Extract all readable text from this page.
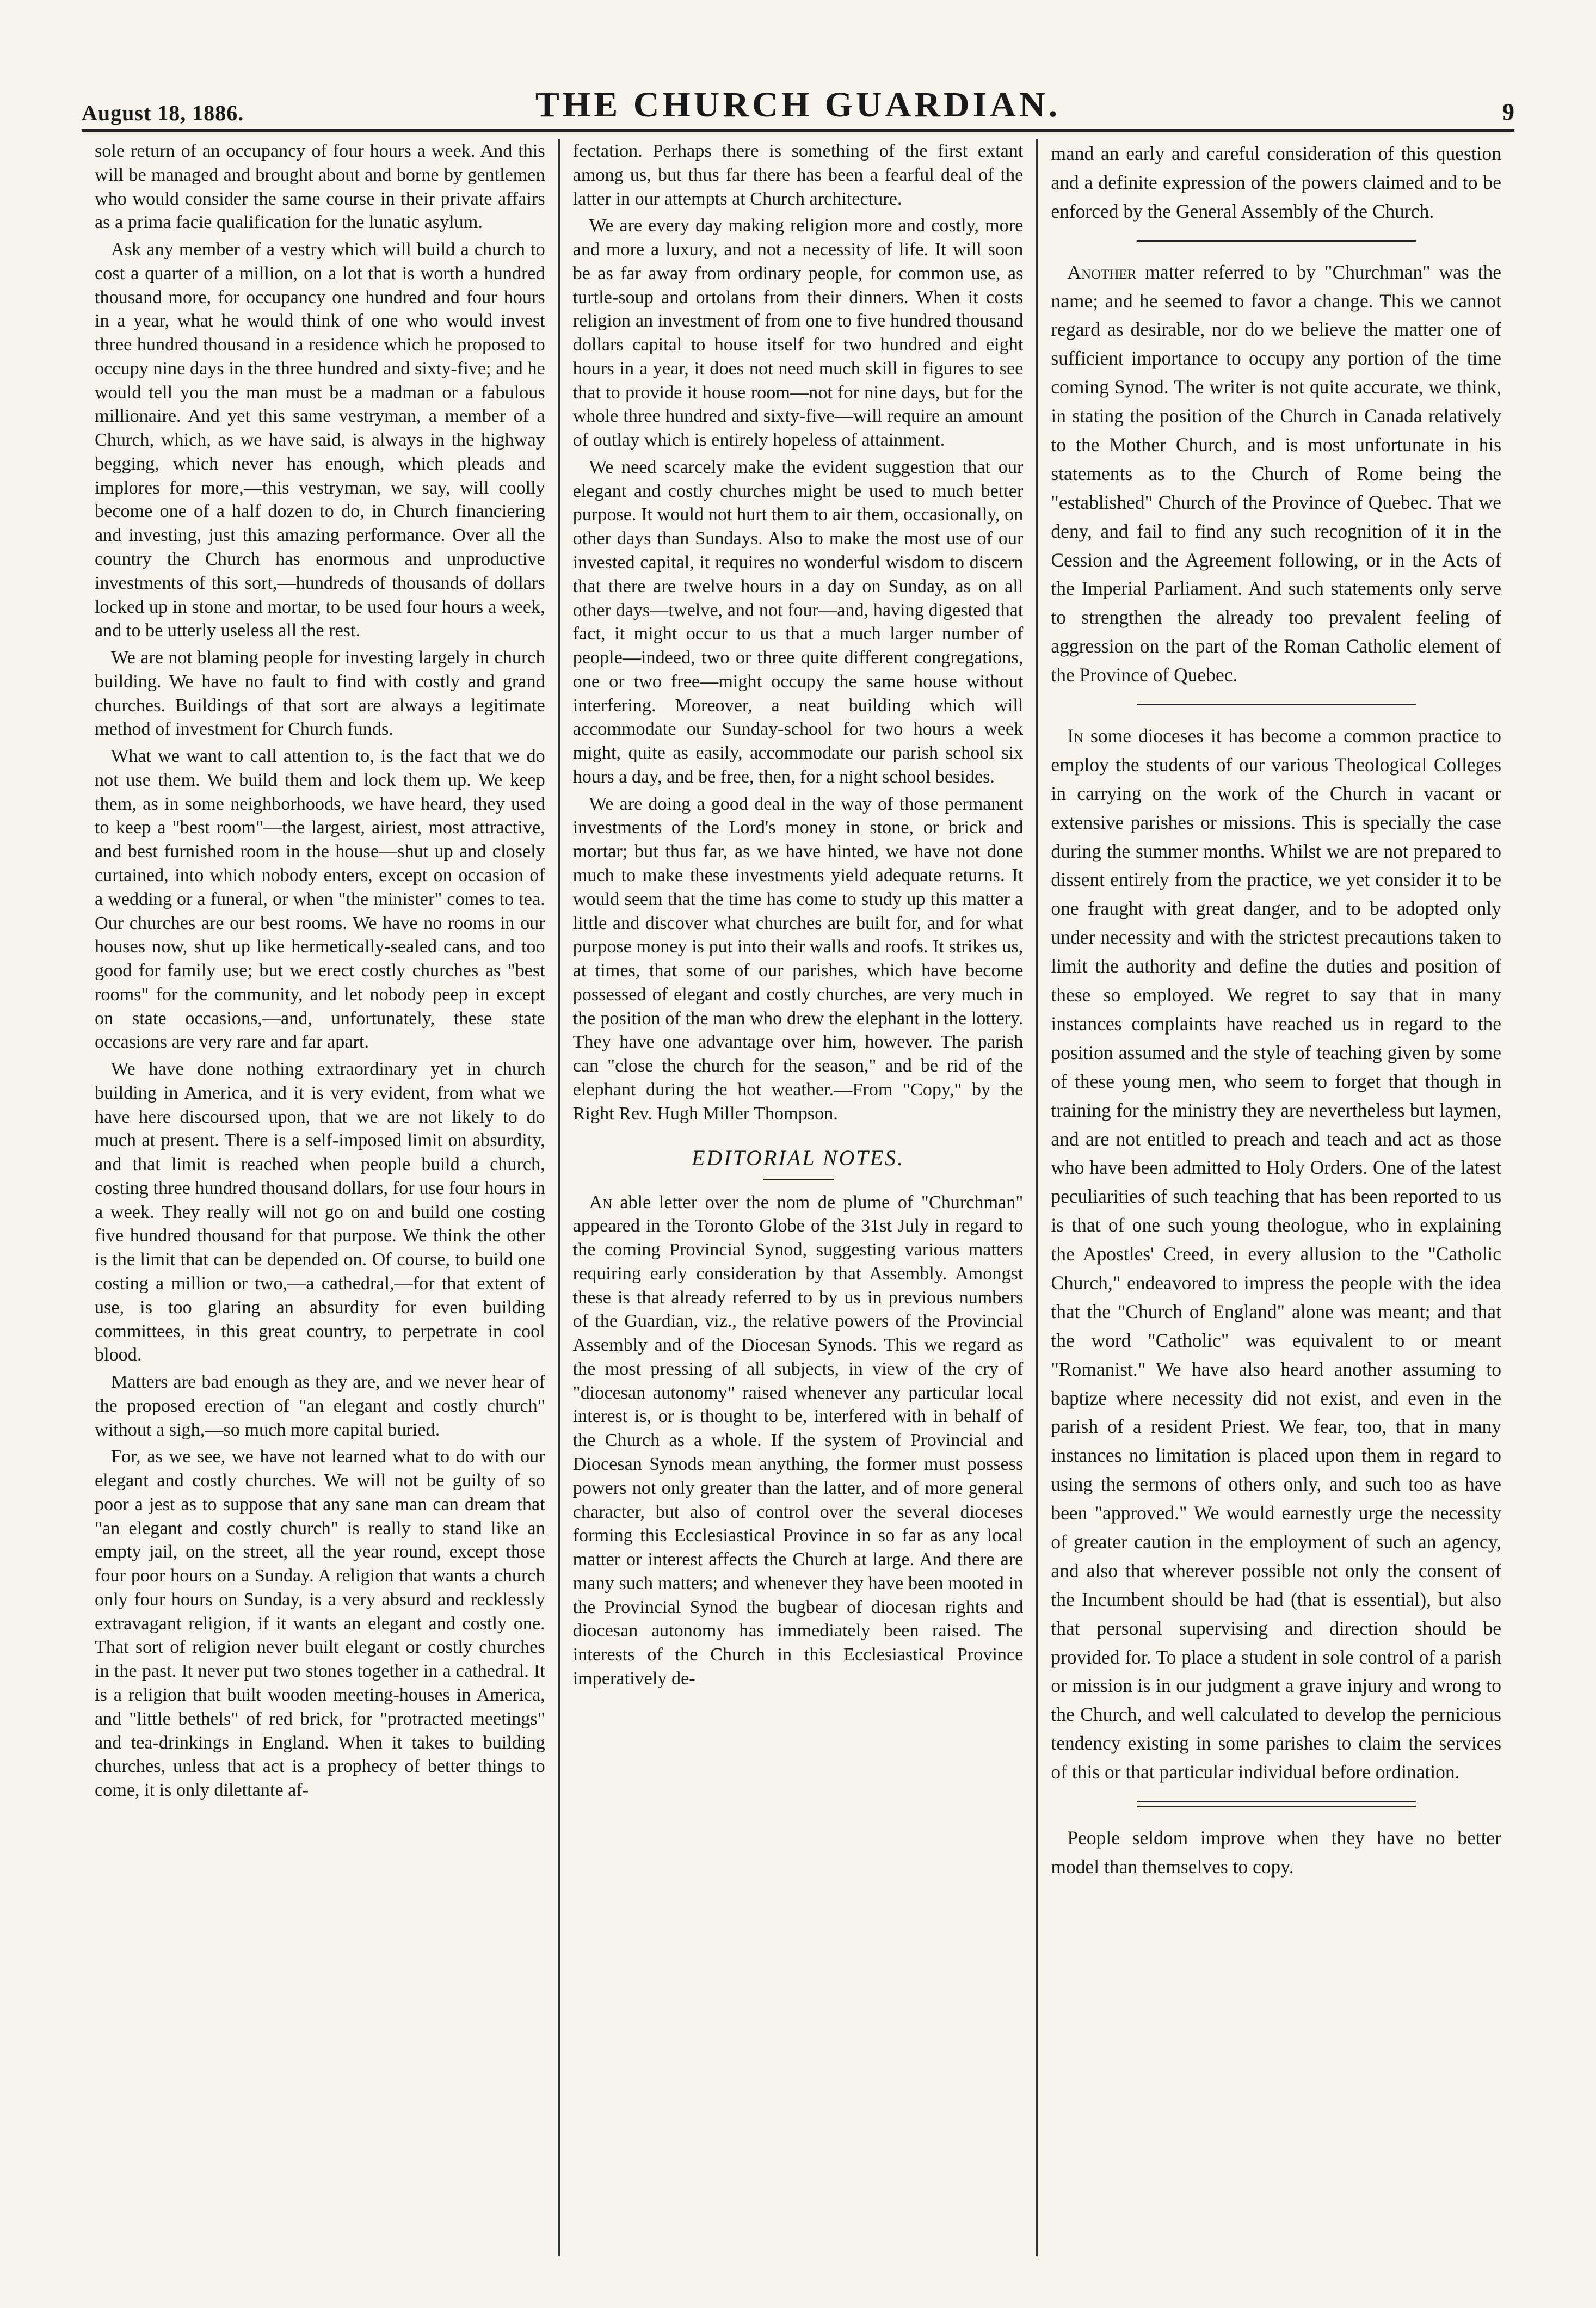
August 18, 1886.	THE CHURCH GUARDIAN.	9

sole return of an occupancy of four hours a week. And this will be managed and brought about and borne by gentlemen who would consider the same course in their private affairs as a prima facie qualification for the lunatic asylum.

Ask any member of a vestry which will build a church to cost a quarter of a million, on a lot that is worth a hundred thousand more, for occupancy one hundred and four hours in a year, what he would think of one who would invest three hundred thousand in a residence which he proposed to occupy nine days in the three hundred and sixty-five; and he would tell you the man must be a madman or a fabulous millionaire. And yet this same vestryman, a member of a Church, which, as we have said, is always in the highway begging, which never has enough, which pleads and implores for more,—this vestryman, we say, will coolly become one of a half dozen to do, in Church financiering and investing, just this amazing performance. Over all the country the Church has enormous and unproductive investments of this sort,—hundreds of thousands of dollars locked up in stone and mortar, to be used four hours a week, and to be utterly useless all the rest.

We are not blaming people for investing largely in church building. We have no fault to find with costly and grand churches. Buildings of that sort are always a legitimate method of investment for Church funds.

What we want to call attention to, is the fact that we do not use them. We build them and lock them up. We keep them, as in some neighborhoods, we have heard, they used to keep a "best room"—the largest, airiest, most attractive, and best furnished room in the house—shut up and closely curtained, into which nobody enters, except on occasion of a wedding or a funeral, or when "the minister" comes to tea. Our churches are our best rooms. We have no rooms in our houses now, shut up like hermetically-sealed cans, and too good for family use; but we erect costly churches as "best rooms" for the community, and let nobody peep in except on state occasions,—and, unfortunately, these state occasions are very rare and far apart.

We have done nothing extraordinary yet in church building in America, and it is very evident, from what we have here discoursed upon, that we are not likely to do much at present. There is a self-imposed limit on absurdity, and that limit is reached when people build a church, costing three hundred thousand dollars, for use four hours in a week. They really will not go on and build one costing five hundred thousand for that purpose. We think the other is the limit that can be depended on. Of course, to build one costing a million or two,—a cathedral,—for that extent of use, is too glaring an absurdity for even building committees, in this great country, to perpetrate in cool blood.

Matters are bad enough as they are, and we never hear of the proposed erection of "an elegant and costly church" without a sigh,—so much more capital buried.

For, as we see, we have not learned what to do with our elegant and costly churches. We will not be guilty of so poor a jest as to suppose that any sane man can dream that "an elegant and costly church" is really to stand like an empty jail, on the street, all the year round, except those four poor hours on a Sunday. A religion that wants a church only four hours on Sunday, is a very absurd and recklessly extravagant religion, if it wants an elegant and costly one. That sort of religion never built elegant or costly churches in the past. It never put two stones together in a cathedral. It is a religion that built wooden meeting-houses in America, and "little bethels" of red brick, for "protracted meetings" and tea-drinkings in England. When it takes to building churches, unless that act is a prophecy of better things to come, it is only dilettante af-

fectation. Perhaps there is something of the first extant among us, but thus far there has been a fearful deal of the latter in our attempts at Church architecture.

We are every day making religion more and costly, more and more a luxury, and not a necessity of life. It will soon be as far away from ordinary people, for common use, as turtle-soup and ortolans from their dinners. When it costs religion an investment of from one to five hundred thousand dollars capital to house itself for two hundred and eight hours in a year, it does not need much skill in figures to see that to provide it house room—not for nine days, but for the whole three hundred and sixty-five—will require an amount of outlay which is entirely hopeless of attainment.

We need scarcely make the evident suggestion that our elegant and costly churches might be used to much better purpose. It would not hurt them to air them, occasionally, on other days than Sundays. Also to make the most use of our invested capital, it requires no wonderful wisdom to discern that there are twelve hours in a day on Sunday, as on all other days—twelve, and not four—and, having digested that fact, it might occur to us that a much larger number of people—indeed, two or three quite different congregations, one or two free—might occupy the same house without interfering. Moreover, a neat building which will accommodate our Sunday-school for two hours a week might, quite as easily, accommodate our parish school six hours a day, and be free, then, for a night school besides.

We are doing a good deal in the way of those permanent investments of the Lord's money in stone, or brick and mortar; but thus far, as we have hinted, we have not done much to make these investments yield adequate returns. It would seem that the time has come to study up this matter a little and discover what churches are built for, and for what purpose money is put into their walls and roofs. It strikes us, at times, that some of our parishes, which have become possessed of elegant and costly churches, are very much in the position of the man who drew the elephant in the lottery. They have one advantage over him, however. The parish can "close the church for the season," and be rid of the elephant during the hot weather.—From "Copy," by the Right Rev. Hugh Miller Thompson.

EDITORIAL NOTES.

An able letter over the nom de plume of "Churchman" appeared in the Toronto Globe of the 31st July in regard to the coming Provincial Synod, suggesting various matters requiring early consideration by that Assembly. Amongst these is that already referred to by us in previous numbers of the Guardian, viz., the relative powers of the Provincial Assembly and of the Diocesan Synods. This we regard as the most pressing of all subjects, in view of the cry of "diocesan autonomy" raised whenever any particular local interest is, or is thought to be, interfered with in behalf of the Church as a whole. If the system of Provincial and Diocesan Synods mean anything, the former must possess powers not only greater than the latter, and of more general character, but also of control over the several dioceses forming this Ecclesiastical Province in so far as any local matter or interest affects the Church at large. And there are many such matters; and whenever they have been mooted in the Provincial Synod the bugbear of diocesan rights and diocesan autonomy has immediately been raised. The interests of the Church in this Ecclesiastical Province imperatively de-

mand an early and careful consideration of this question and a definite expression of the powers claimed and to be enforced by the General Assembly of the Church.

Another matter referred to by "Churchman" was the name; and he seemed to favor a change. This we cannot regard as desirable, nor do we believe the matter one of sufficient importance to occupy any portion of the time coming Synod. The writer is not quite accurate, we think, in stating the position of the Church in Canada relatively to the Mother Church, and is most unfortunate in his statements as to the Church of Rome being the "established" Church of the Province of Quebec. That we deny, and fail to find any such recognition of it in the Cession and the Agreement following, or in the Acts of the Imperial Parliament. And such statements only serve to strengthen the already too prevalent feeling of aggression on the part of the Roman Catholic element of the Province of Quebec.

In some dioceses it has become a common practice to employ the students of our various Theological Colleges in carrying on the work of the Church in vacant or extensive parishes or missions. This is specially the case during the summer months. Whilst we are not prepared to dissent entirely from the practice, we yet consider it to be one fraught with great danger, and to be adopted only under necessity and with the strictest precautions taken to limit the authority and define the duties and position of these so employed. We regret to say that in many instances complaints have reached us in regard to the position assumed and the style of teaching given by some of these young men, who seem to forget that though in training for the ministry they are nevertheless but laymen, and are not entitled to preach and teach and act as those who have been admitted to Holy Orders. One of the latest peculiarities of such teaching that has been reported to us is that of one such young theologue, who in explaining the Apostles' Creed, in every allusion to the "Catholic Church," endeavored to impress the people with the idea that the "Church of England" alone was meant; and that the word "Catholic" was equivalent to or meant "Romanist." We have also heard another assuming to baptize where necessity did not exist, and even in the parish of a resident Priest. We fear, too, that in many instances no limitation is placed upon them in regard to using the sermons of others only, and such too as have been "approved." We would earnestly urge the necessity of greater caution in the employment of such an agency, and also that wherever possible not only the consent of the Incumbent should be had (that is essential), but also that personal supervising and direction should be provided for. To place a student in sole control of a parish or mission is in our judgment a grave injury and wrong to the Church, and well calculated to develop the pernicious tendency existing in some parishes to claim the services of this or that particular individual before ordination.

People seldom improve when they have no better model than themselves to copy.
